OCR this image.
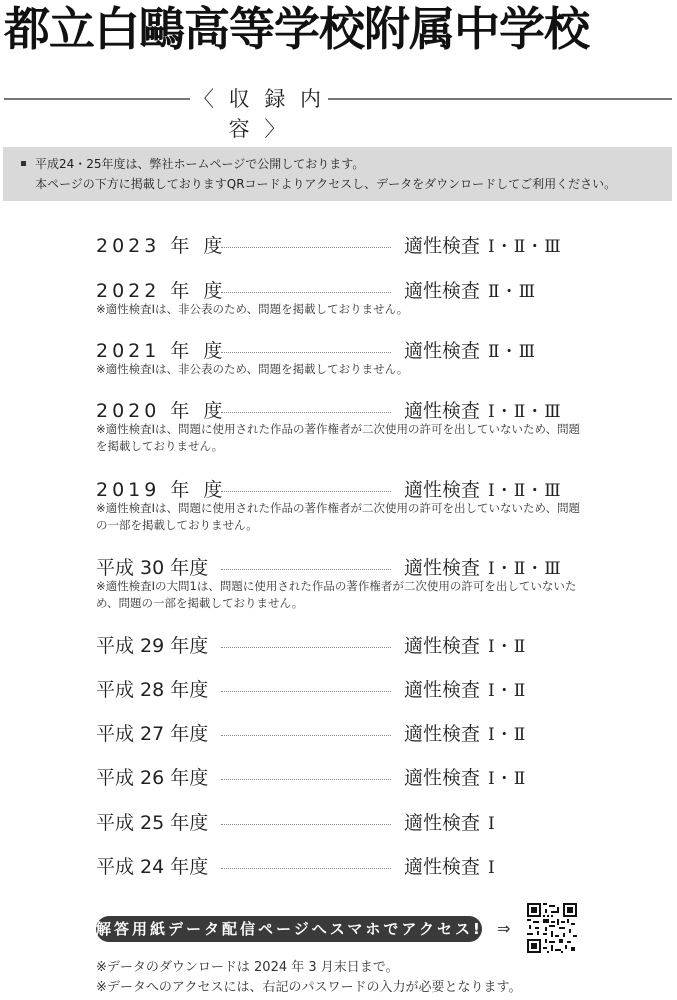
都立白鷗高等学校附属中学校
〈 収 録 内 容 〉
平成24・25年度は、弊社ホームページで公開しております。
本ページの下方に掲載しておりますQRコードよりアクセスし、データをダウンロードしてご利用ください。
2023 年 度	適性検査 Ⅰ・Ⅱ・Ⅲ
2022 年 度	適性検査 Ⅱ・Ⅲ
※適性検査Ⅰは、非公表のため、問題を掲載しておりません。
2021 年 度	適性検査 Ⅱ・Ⅲ
※適性検査Ⅰは、非公表のため、問題を掲載しておりません。
2020 年 度	適性検査 Ⅰ・Ⅱ・Ⅲ
※適性検査Ⅰは、問題に使用された作品の著作権者が二次使用の許可を出していないため、問題を掲載しておりません。
2019 年 度	適性検査 Ⅰ・Ⅱ・Ⅲ
※適性検査Ⅰは、問題に使用された作品の著作権者が二次使用の許可を出していないため、問題の一部を掲載しておりません。
平成 30 年度	適性検査 Ⅰ・Ⅱ・Ⅲ
※適性検査Ⅰの大問1は、問題に使用された作品の著作権者が二次使用の許可を出していないため、問題の一部を掲載しておりません。
平成 29 年度	適性検査 Ⅰ・Ⅱ
平成 28 年度	適性検査 Ⅰ・Ⅱ
平成 27 年度	適性検査 Ⅰ・Ⅱ
平成 26 年度	適性検査 Ⅰ・Ⅱ
平成 25 年度	適性検査 Ⅰ
平成 24 年度	適性検査 Ⅰ
解答用紙データ配信ページへスマホでアクセス! ⇒
※データのダウンロードは 2024 年 3 月末日まで。
※データへのアクセスには、右記のパスワードの入力が必要となります。
